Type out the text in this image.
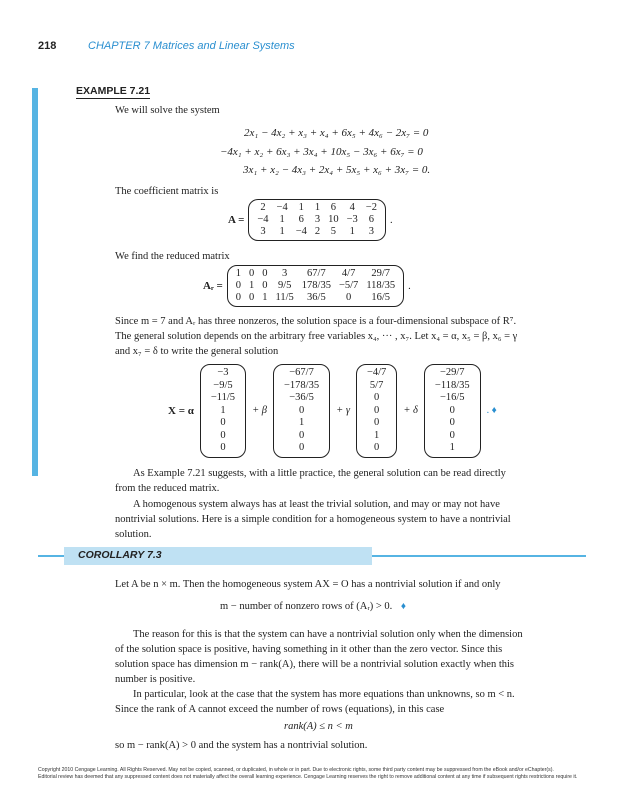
218	CHAPTER 7 Matrices and Linear Systems
EXAMPLE 7.21
We will solve the system
2x₁ − 4x₂ + x₃ + x₄ + 6x₅ + 4x₆ − 2x₇ = 0
−4x₁ + x₂ + 6x₃ + 3x₄ + 10x₅ − 3x₆ + 6x₇ = 0
3x₁ + x₂ − 4x₃ + 2x₄ + 5x₅ + x₆ + 3x₇ = 0.
The coefficient matrix is
A =
2	−4	1	1	6	4	−2
−4	1	6	3	10	−3	6
3	1	−4	2	5	1	3
.
We find the reduced matrix
Aᵣ =
1	0	0	3	67/7	4/7	29/7
0	1	0	9/5	178/35	−5/7	118/35
0	0	1	11/5	36/5	0	16/5
.
Since m = 7 and Aᵣ has three nonzeros, the solution space is a four-dimensional subspace of R⁷.
The general solution depends on the arbitrary free variables x₄, ··· , x₇. Let x₄ = α, x₅ = β, x₆ = γ
and x₇ = δ to write the general solution
X = α
−3
−9/5
−11/5
1
0
0
0
+ β
−67/7
−178/35
−36/5
0
1
0
0
+ γ
−4/7
5/7
0
0
0
1
0
+ δ
−29/7
−118/35
−16/5
0
0
0
1
. ♦
As Example 7.21 suggests, with a little practice, the general solution can be read directly
from the reduced matrix.
A homogenous system always has at least the trivial solution, and may or may not have
nontrivial solutions. Here is a simple condition for a homogeneous system to have a nontrivial
solution.
COROLLARY 7.3
Let A be n × m. Then the homogeneous system AX = O has a nontrivial solution if and only
m − number of nonzero rows of (Aᵣ) > 0. ♦
The reason for this is that the system can have a nontrivial solution only when the dimension
of the solution space is positive, having something in it other than the zero vector. Since this
solution space has dimension m − rank(A), there will be a nontrivial solution exactly when this
number is positive.
In particular, look at the case that the system has more equations than unknowns, so m < n.
Since the rank of A cannot exceed the number of rows (equations), in this case
rank(A) ≤ n < m
so m − rank(A) > 0 and the system has a nontrivial solution.
Copyright 2010 Cengage Learning. All Rights Reserved. May not be copied, scanned, or duplicated, in whole or in part. Due to electronic rights, some third party content may be suppressed from the eBook and/or eChapter(s).
Editorial review has deemed that any suppressed content does not materially affect the overall learning experience. Cengage Learning reserves the right to remove additional content at any time if subsequent rights restrictions require it.
